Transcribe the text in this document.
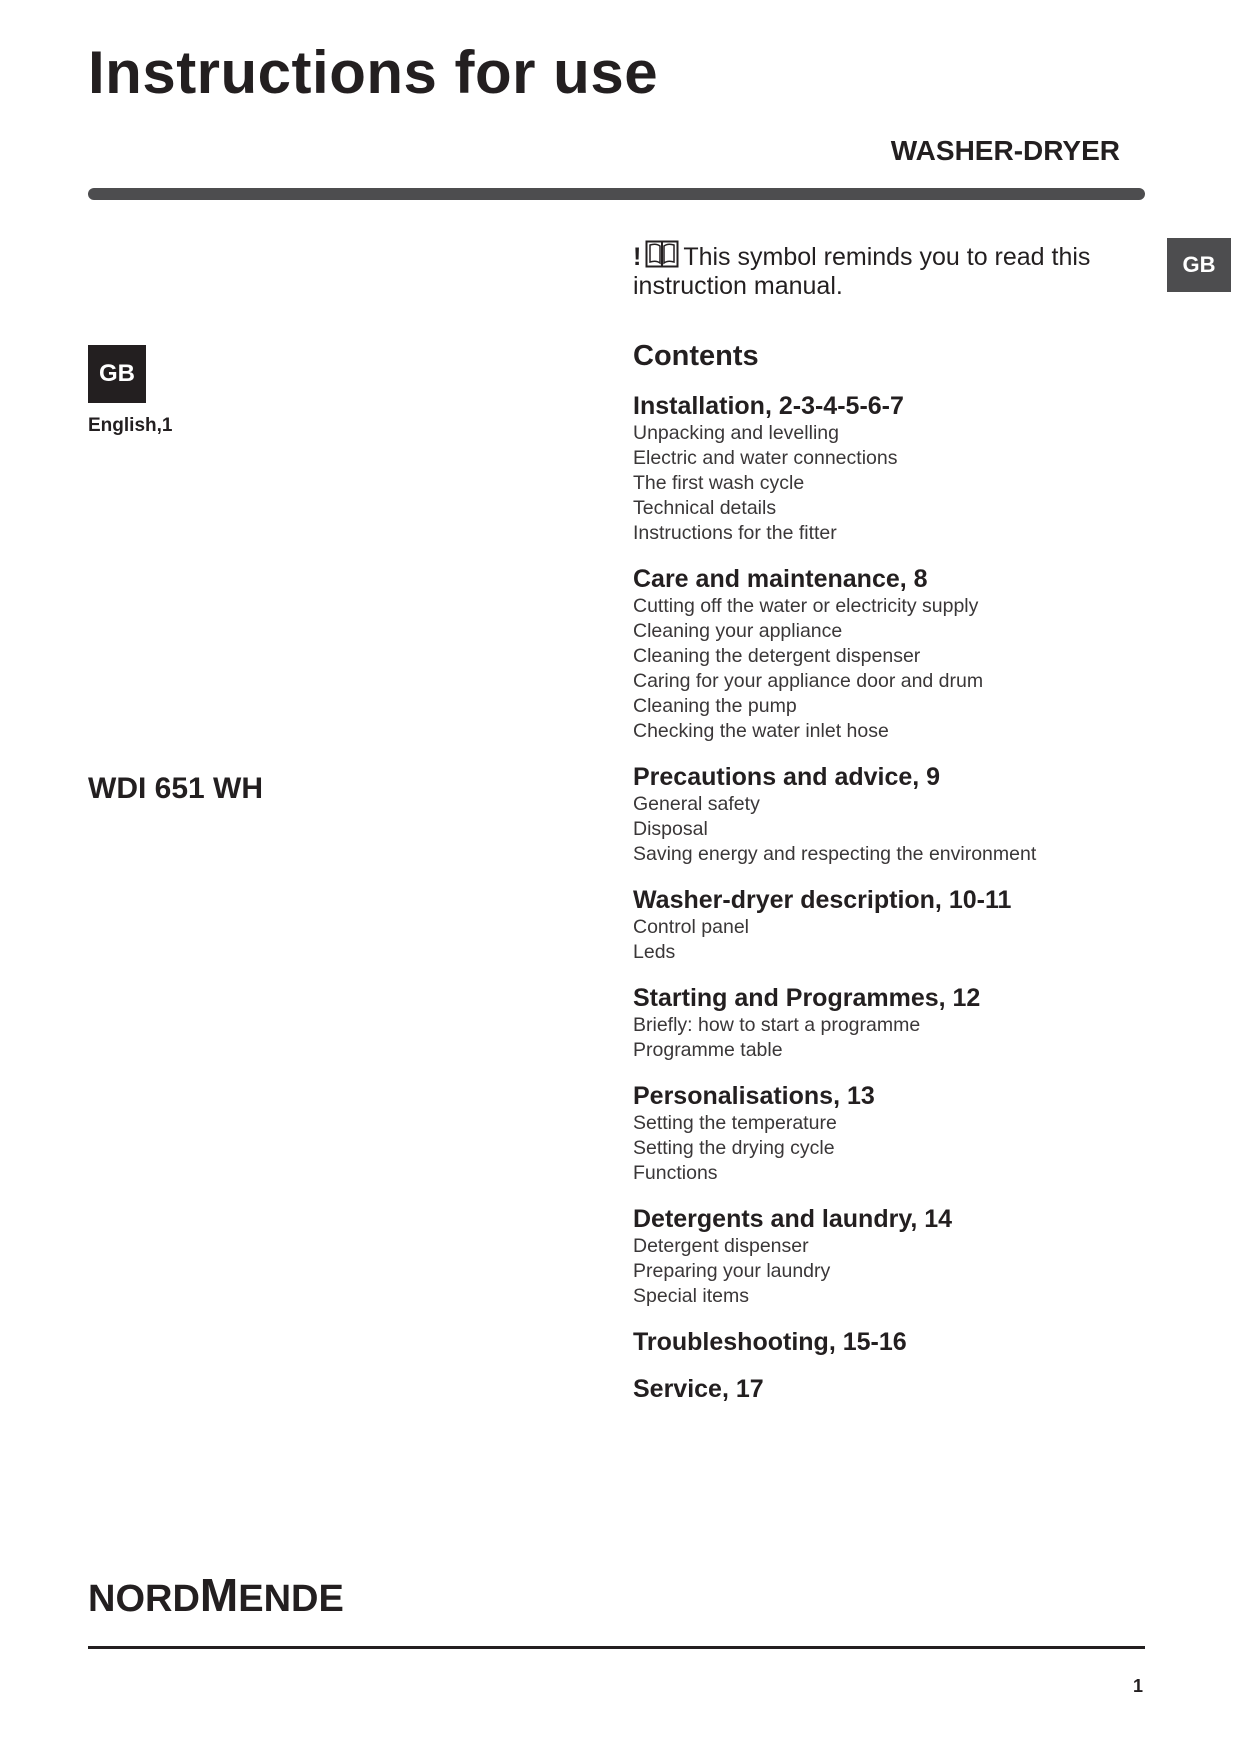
Instructions for use
WASHER-DRYER
GB
GB
English,1
WDI 651 WH
! This symbol reminds you to read this instruction manual.
Contents
Installation, 2-3-4-5-6-7
Unpacking and levelling
Electric and water connections
The first wash cycle
Technical details
Instructions for the fitter
Care and maintenance, 8
Cutting off the water or electricity supply
Cleaning your appliance
Cleaning the detergent dispenser
Caring for your appliance door and drum
Cleaning the pump
Checking the water inlet hose
Precautions and advice, 9
General safety
Disposal
Saving energy and respecting the environment
Washer-dryer description, 10-11
Control panel
Leds
Starting and Programmes, 12
Briefly: how to start a programme
Programme table
Personalisations, 13
Setting the temperature
Setting the drying cycle
Functions
Detergents and laundry, 14
Detergent dispenser
Preparing your laundry
Special items
Troubleshooting, 15-16
Service, 17
NORDMENDE
1
